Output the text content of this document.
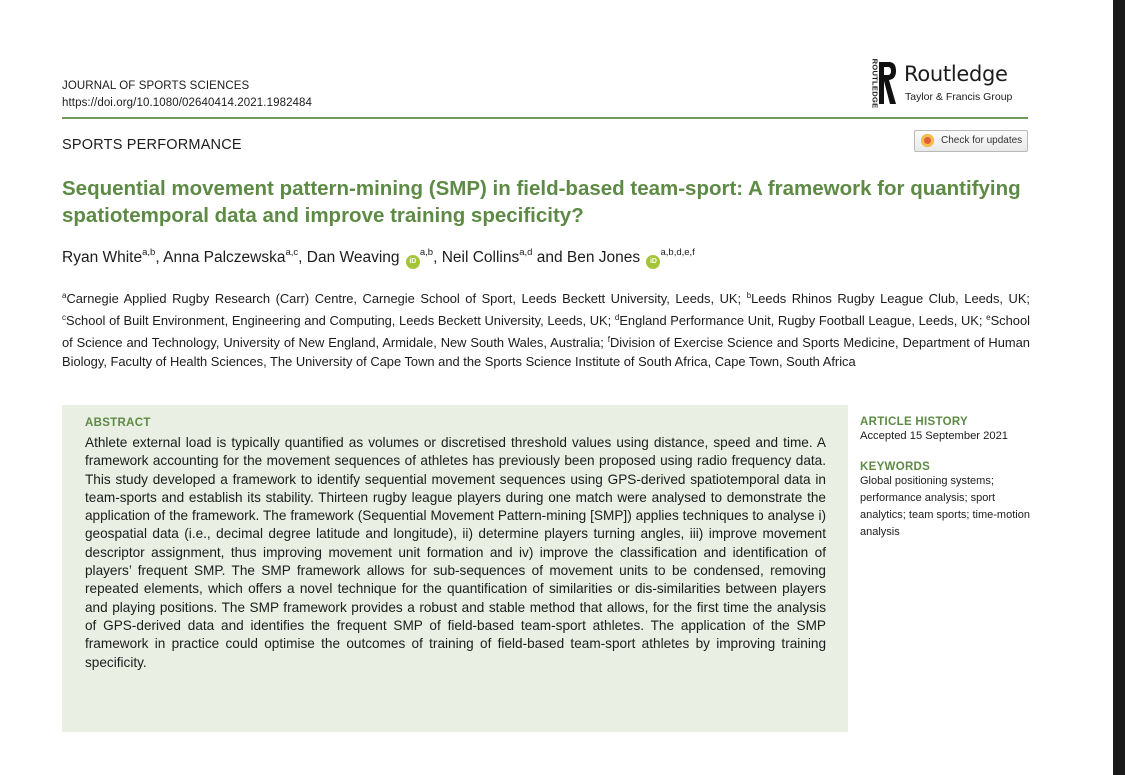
JOURNAL OF SPORTS SCIENCES
https://doi.org/10.1080/02640414.2021.1982484	ROUTLEDGE Routledge
Taylor & Francis Group
SPORTS PERFORMANCE	Check for updates
Sequential movement pattern-mining (SMP) in field-based team-sport: A framework for quantifying spatiotemporal data and improve training specificity?
Ryan White$^{a,b}$, Anna Palczewska$^{a,c}$, Dan Weaving iD$^{a,b}$, Neil Collins$^{a,d}$ and Ben Jones iD$^{a,b,d,e,f}$

$^a$Carnegie Applied Rugby Research (Carr) Centre, Carnegie School of Sport, Leeds Beckett University, Leeds, UK; $^b$Leeds Rhinos Rugby League Club, Leeds, UK; $^c$School of Built Environment, Engineering and Computing, Leeds Beckett University, Leeds, UK; $^d$England Performance Unit, Rugby Football League, Leeds, UK; $^e$School of Science and Technology, University of New England, Armidale, New South Wales, Australia; $^f$Division of Exercise Science and Sports Medicine, Department of Human Biology, Faculty of Health Sciences, The University of Cape Town and the Sports Science Institute of South Africa, Cape Town, South Africa

ABSTRACT
Athlete external load is typically quantified as volumes or discretised threshold values using distance, speed and time. A framework accounting for the movement sequences of athletes has previously been proposed using radio frequency data. This study developed a framework to identify sequential movement sequences using GPS-derived spatiotemporal data in team-sports and establish its stability. Thirteen rugby league players during one match were analysed to demonstrate the application of the framework. The framework (Sequential Movement Pattern-mining [SMP]) applies techniques to analyse i) geospatial data (i.e., decimal degree latitude and longitude), ii) determine players turning angles, iii) improve movement descriptor assignment, thus improving movement unit formation and iv) improve the classification and identification of players’ frequent SMP. The SMP framework allows for sub-sequences of movement units to be condensed, removing repeated elements, which offers a novel technique for the quantification of similarities or dis-similarities between players and playing positions. The SMP framework provides a robust and stable method that allows, for the first time the analysis of GPS-derived data and identifies the frequent SMP of field-based team-sport athletes. The application of the SMP framework in practice could optimise the outcomes of training of field-based team-sport athletes by improving training specificity.
ARTICLE HISTORY
Accepted 15 September 2021
KEYWORDS
Global positioning systems; performance analysis; sport analytics; team sports; time-motion analysis
